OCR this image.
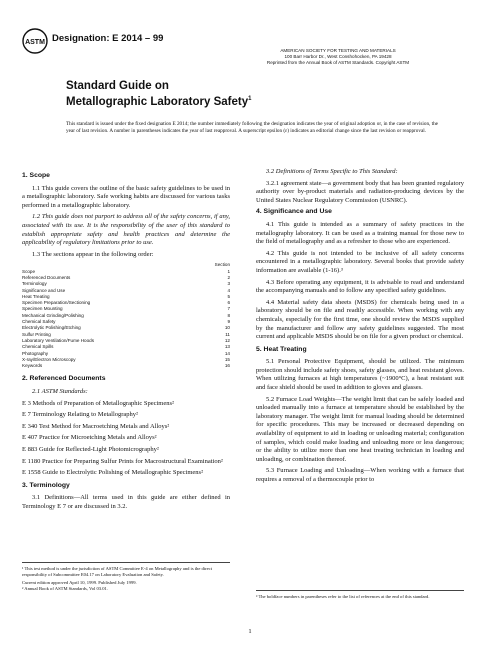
ASTM Designation: E 2014 – 99
AMERICAN SOCIETY FOR TESTING AND MATERIALS
100 Barr Harbor Dr., West Conshohocken, PA 19428
Reprinted from the Annual Book of ASTM Standards. Copyright ASTM
Standard Guide on
Metallographic Laboratory Safety$^1$
This standard is issued under the fixed designation E 2014; the number immediately following the designation indicates the year of original adoption or, in the case of revision, the year of last revision. A number in parentheses indicates the year of last reapproval. A superscript epsilon (ε) indicates an editorial change since the last revision or reapproval.
1. Scope

1.1 This guide covers the outline of the basic safety guidelines to be used in a metallographic laboratory. Safe working habits are discussed for various tasks performed in a metallographic laboratory.

1.2 This guide does not purport to address all of the safety concerns, if any, associated with its use. It is the responsibility of the user of this standard to establish appropriate safety and health practices and determine the applicability of regulatory limitations prior to use.

1.3 The sections appear in the following order:

Section
Scope	1
Referenced Documents	2
Terminology	3
Significance and Use	4
Heat Treating	5
Specimen Preparation/Sectioning	6
Specimen Mounting	7
Mechanical Grinding/Polishing	8
Chemical Safety	9
Electrolytic Polishing/Etching	10
Sulfur Printing	11
Laboratory Ventilation/Fume Hoods	12
Chemical Spills	13
Photography	14
X-ray/Electron Microscopy	15
Keywords	16
2. Referenced Documents

2.1 ASTM Standards:

E 3 Methods of Preparation of Metallographic Specimens²

E 7 Terminology Relating to Metallography²

E 340 Test Method for Macroetching Metals and Alloys²

E 407 Practice for Microetching Metals and Alloys²

E 883 Guide for Reflected-Light Photomicrography²

E 1180 Practice for Preparing Sulfur Prints for Macrostructural Examination²

E 1558 Guide to Electrolytic Polishing of Metallographic Specimens²

3. Terminology

3.1 Definitions—All terms used in this guide are either defined in Terminology E 7 or are discussed in 3.2.

3.2 Definitions of Terms Specific to This Standard:

3.2.1 agreement state—a government body that has been granted regulatory authority over by-product materials and radiation-producing devices by the United States Nuclear Regulatory Commission (USNRC).

4. Significance and Use

4.1 This guide is intended as a summary of safety practices in the metallography laboratory. It can be used as a training manual for those new to the field of metallography and as a refresher to those who are experienced.

4.2 This guide is not intended to be inclusive of all safety concerns encountered in a metallographic laboratory. Several books that provide safety information are available (1-16).³

4.3 Before operating any equipment, it is advisable to read and understand the accompanying manuals and to follow any specified safety guidelines.

4.4 Material safety data sheets (MSDS) for chemicals being used in a laboratory should be on file and readily accessible. When working with any chemicals, especially for the first time, one should review the MSDS supplied by the manufacturer and follow any safety guidelines suggested. The most current and applicable MSDS should be on file for a given product or chemical.

5. Heat Treating

5.1 Personal Protective Equipment, should be utilized. The minimum protection should include safety shoes, safety glasses, and heat resistant gloves. When utilizing furnaces at high temperatures (~1900°C), a heat resistant suit and face shield should be used in addition to gloves and glasses.

5.2 Furnace Load Weights—The weight limit that can be safely loaded and unloaded manually into a furnace at temperature should be established by the laboratory manager. The weight limit for manual loading should be determined for specific procedures. This may be increased or decreased depending on availability of equipment to aid in loading or unloading material; configuration of samples, which could make loading and unloading more or less dangerous; or the ability to utilize more than one heat treating technician in loading and unloading, or combination thereof.

5.3 Furnace Loading and Unloading—When working with a furnace that requires a removal of a thermocouple prior to

¹ This test method is under the jurisdiction of ASTM Committee E-4 on Metallography and is the direct responsibility of Subcommittee E04.17 on Laboratory Evaluation and Safety.
Current edition approved April 10, 1999. Published July 1999.
² Annual Book of ASTM Standards, Vol 03.01.
³ The boldface numbers in parentheses refer to the list of references at the end of this standard.
1
